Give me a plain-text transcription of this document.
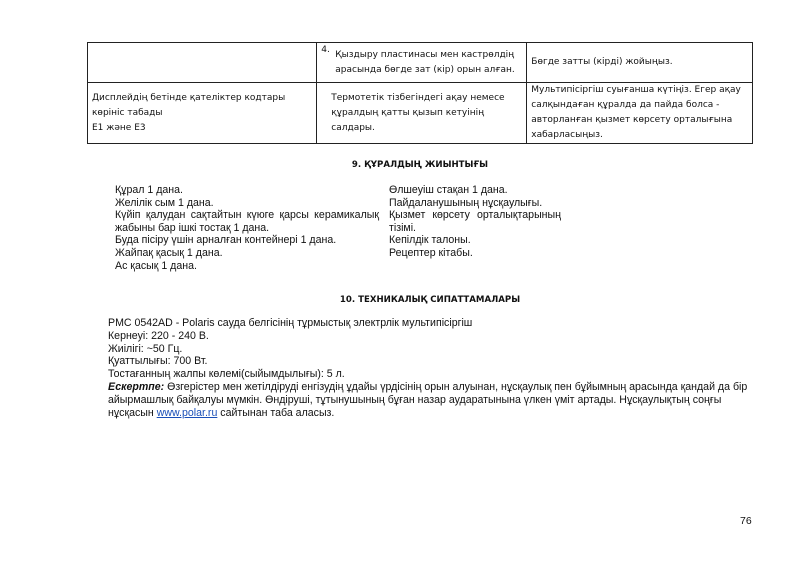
	4. Қыздыру пластинасы мен кастрөлдің арасында бөгде зат (кір) орын алған.	Бөгде затты (кірді) жойыңыз.

Дисплейдің бетінде қателіктер кодтары көрініс табады
E1 және E3	Термотетік тізбегіндегі ақау немесе құралдың қатты қызып кетуінің салдары.	Мультипісіргіш суығанша күтіңіз. Егер ақау салқындаған құралда да пайда болса - авторланған қызмет көрсету орталығына хабарласыңыз.
9. ҚҰРАЛДЫҢ ЖИЫНТЫҒЫ
Құрал 1 дана.
Желілік сым 1 дана.
Күйіп қалудан сақтайтын күюге қарсы керамикалық
жабыны бар ішкі тостақ 1 дана.
Буда пісіру үшін арналған контейнері 1 дана.
Жайпақ қасық 1 дана.
Ас қасық 1 дана.
Өлшеуіш стақан 1 дана.
Пайдаланушының нұсқаулығы.
Қызмет көрсету орталықтарының
тізімі.
Кепілдік талоны.
Рецептер кітабы.
10. ТЕХНИКАЛЫҚ СИПАТТАМАЛАРЫ
PMC 0542AD - Polaris сауда белгісінің тұрмыстық электрлік мультипісіргіш
Кернеуі: 220 - 240 В.
Жиілігі: ~50 Гц.
Қуаттылығы: 700 Вт.
Тостағанның жалпы көлемі(сыйымдылығы): 5 л.
Ескертпе: Өзгерістер мен жетілдіруді енгізудің ұдайы үрдісінің орын алуынан, нұсқаулық пен бұйымның арасында қандай да бір айырмашлық байқалуы мүмкін. Өндіруші, тұтынушының бұған назар аударатынына үлкен үміт артады. Нұсқаулықтың соңғы нұсқасын www.polar.ru сайтынан таба аласыз.
76
